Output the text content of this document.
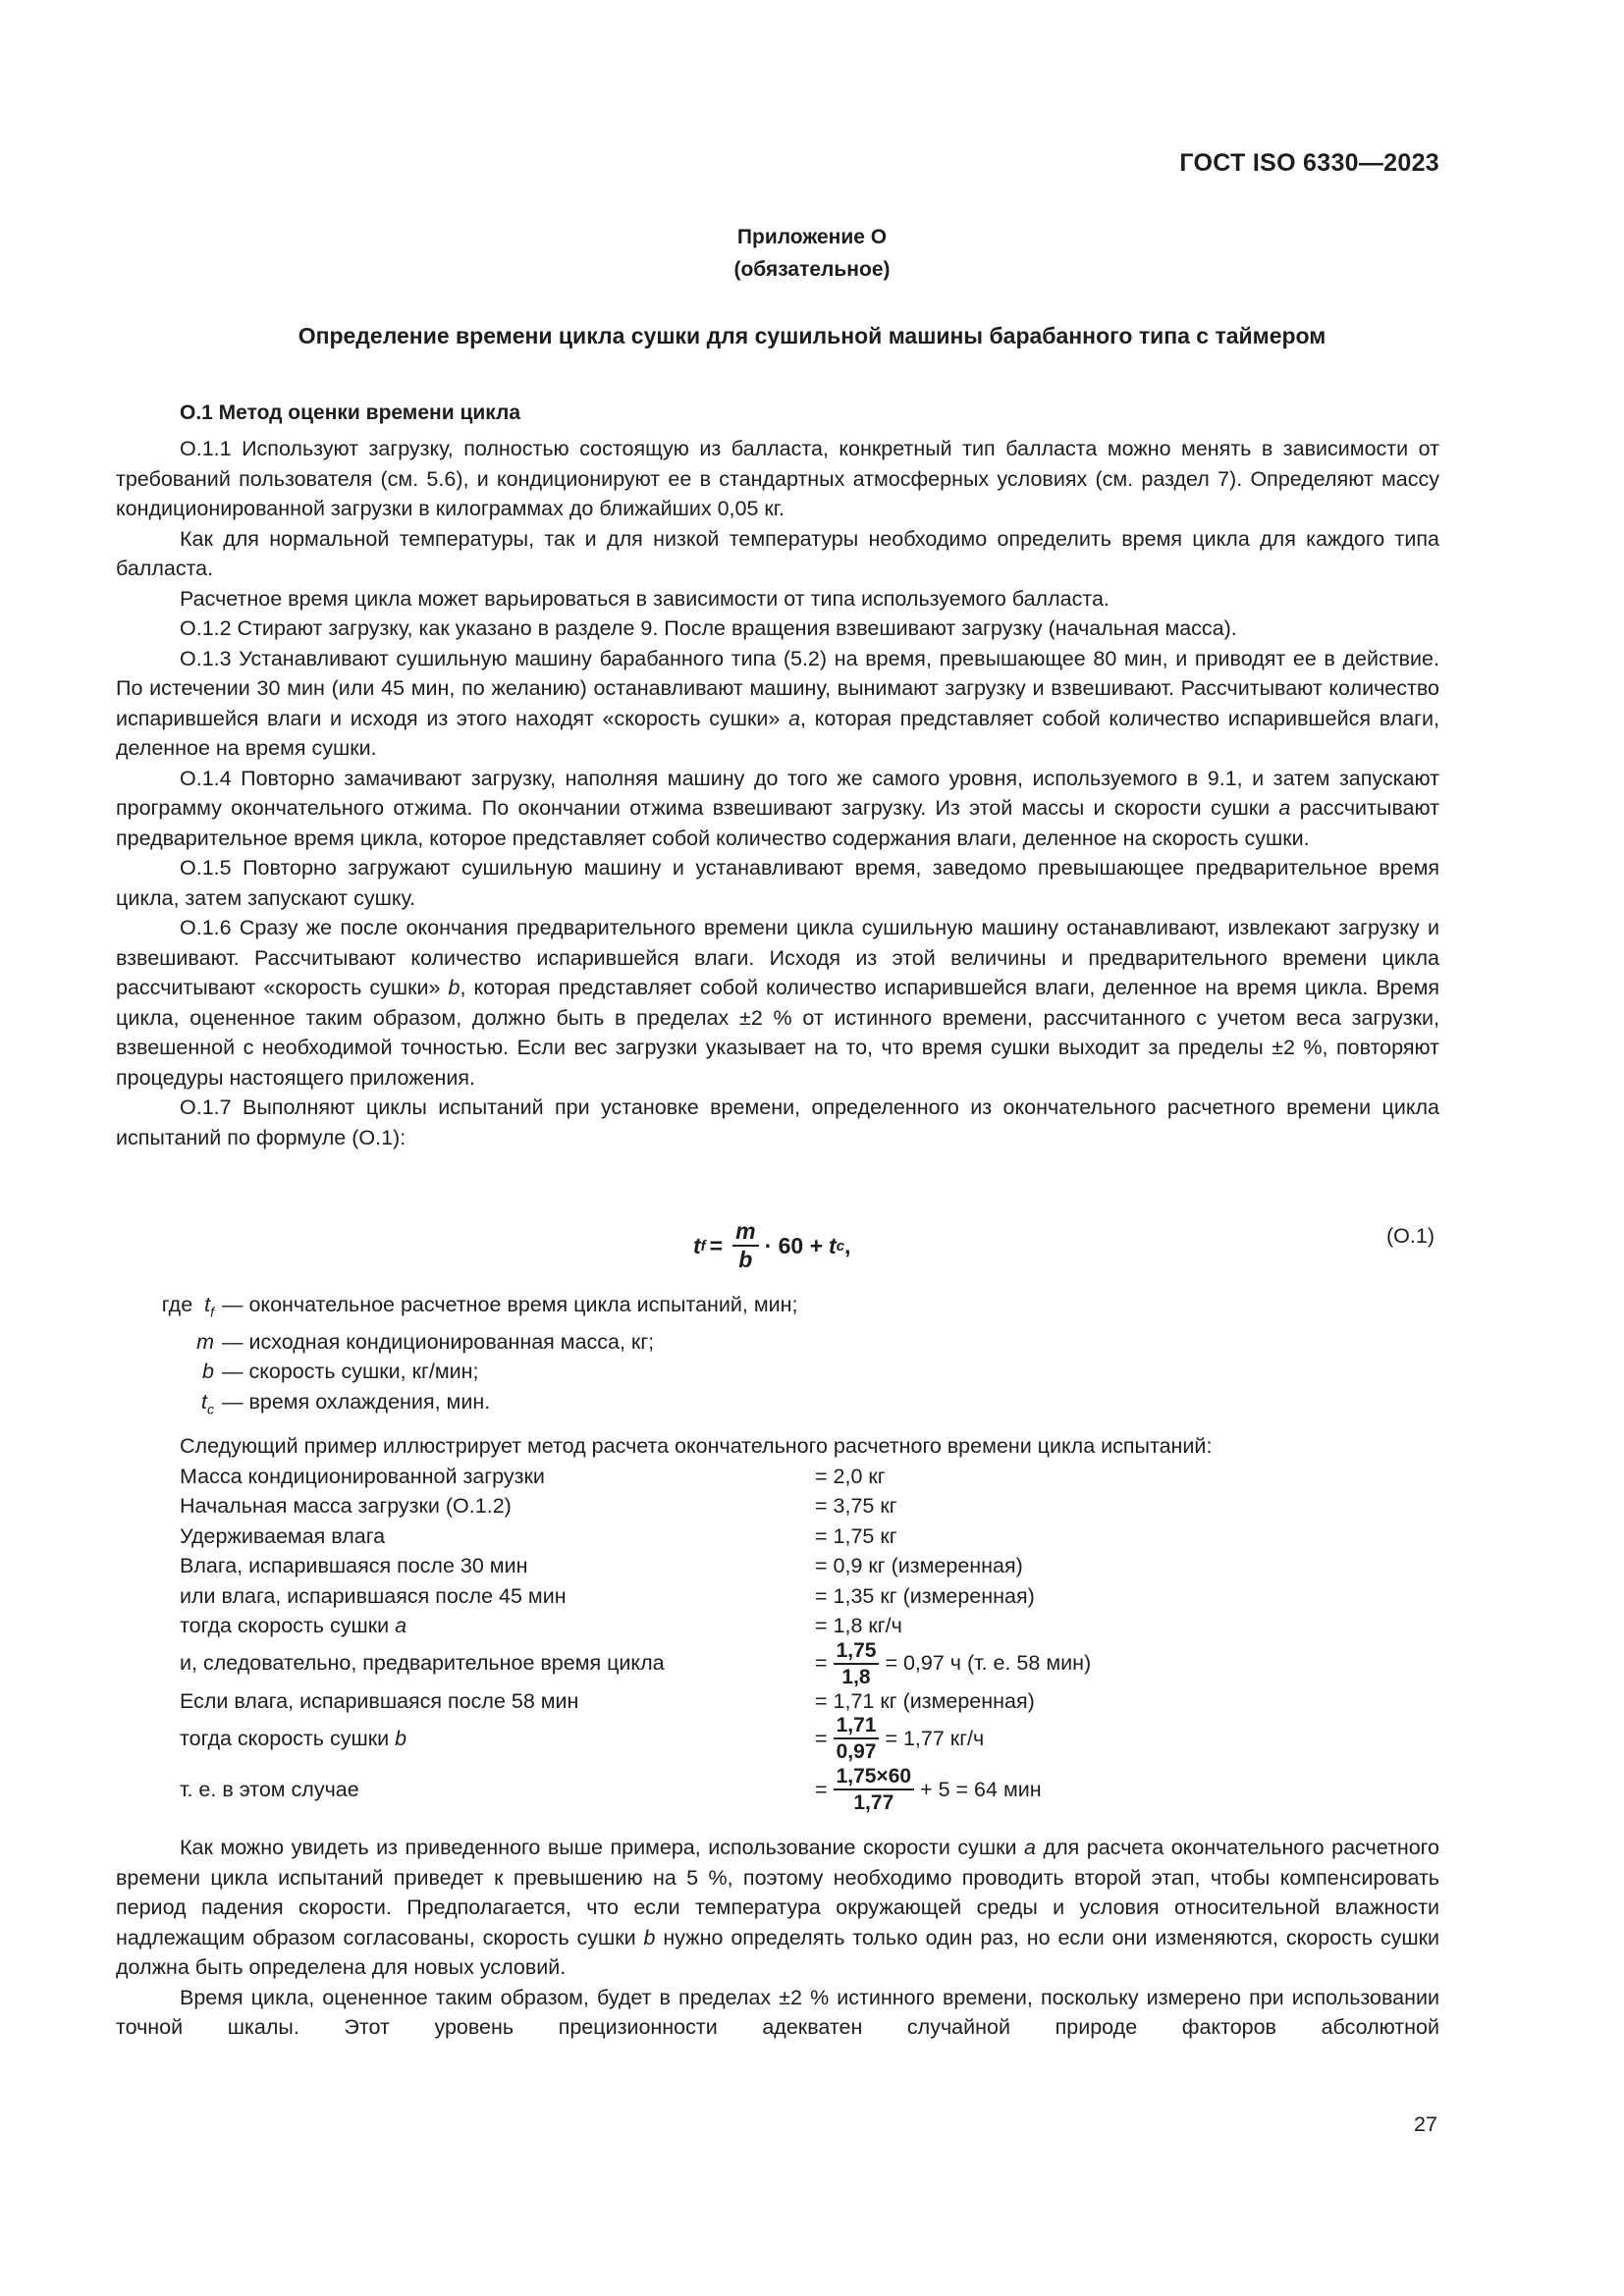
ГОСТ ISO 6330—2023
Приложение О
(обязательное)
Определение времени цикла сушки для сушильной машины барабанного типа с таймером
О.1 Метод оценки времени цикла

О.1.1 Используют загрузку, полностью состоящую из балласта, конкретный тип балласта можно менять в зависимости от требований пользователя (см. 5.6), и кондиционируют ее в стандартных атмосферных условиях (см. раздел 7). Определяют массу кондиционированной загрузки в килограммах до ближайших 0,05 кг.

Как для нормальной температуры, так и для низкой температуры необходимо определить время цикла для каждого типа балласта.

Расчетное время цикла может варьироваться в зависимости от типа используемого балласта.

О.1.2 Стирают загрузку, как указано в разделе 9. После вращения взвешивают загрузку (начальная масса).

О.1.3 Устанавливают сушильную машину барабанного типа (5.2) на время, превышающее 80 мин, и приводят ее в действие. По истечении 30 мин (или 45 мин, по желанию) останавливают машину, вынимают загрузку и взвешивают. Рассчитывают количество испарившейся влаги и исходя из этого находят «скорость сушки» a, которая представляет собой количество испарившейся влаги, деленное на время сушки.

О.1.4 Повторно замачивают загрузку, наполняя машину до того же самого уровня, используемого в 9.1, и затем запускают программу окончательного отжима. По окончании отжима взвешивают загрузку. Из этой массы и скорости сушки a рассчитывают предварительное время цикла, которое представляет собой количество содержания влаги, деленное на скорость сушки.

О.1.5 Повторно загружают сушильную машину и устанавливают время, заведомо превышающее предварительное время цикла, затем запускают сушку.

О.1.6 Сразу же после окончания предварительного времени цикла сушильную машину останавливают, извлекают загрузку и взвешивают. Рассчитывают количество испарившейся влаги. Исходя из этой величины и предварительного времени цикла рассчитывают «скорость сушки» b, которая представляет собой количество испарившейся влаги, деленное на время цикла. Время цикла, оцененное таким образом, должно быть в пределах ±2 % от истинного времени, рассчитанного с учетом веса загрузки, взвешенной с необходимой точностью. Если вес загрузки указывает на то, что время сушки выходит за пределы ±2 %, повторяют процедуры настоящего приложения.

О.1.7 Выполняют циклы испытаний при установке времени, определенного из окончательного расчетного времени цикла испытаний по формуле (О.1):

t $f = \frac{m}{b} \cdot 60 + t$ c ,	(О.1)
где $t_f$ — окончательное расчетное время цикла испытаний, мин;
m — исходная кондиционированная масса, кг;
b — скорость сушки, кг/мин;
$t_c$ — время охлаждения, мин.
Следующий пример иллюстрирует метод расчета окончательного расчетного времени цикла испытаний:
Масса кондиционированной загрузки	= 2,0 кг
Начальная масса загрузки (О.1.2)	= 3,75 кг
Удерживаемая влага	= 1,75 кг
Влага, испарившаяся после 30 мин	= 0,9 кг (измеренная)
или влага, испарившаяся после 45 мин	= 1,35 кг (измеренная)
тогда скорость сушки a	= 1,8 кг/ч
и, следовательно, предварительное время цикла	= $\frac{1,75}{1,8} = 0,97$ ч (т. е. 58 мин)
Если влага, испарившаяся после 58 мин	= 1,71 кг (измеренная)
тогда скорость сушки b	= $\frac{1,71}{0,97} = 1,77$ кг/ч
т. е. в этом случае	= $\frac{1,75\times 60}{1,77} + 5 = 64$ мин

Как можно увидеть из приведенного выше примера, использование скорости сушки a для расчета окончательного расчетного времени цикла испытаний приведет к превышению на 5 %, поэтому необходимо проводить второй этап, чтобы компенсировать период падения скорости. Предполагается, что если температура окружающей среды и условия относительной влажности надлежащим образом согласованы, скорость сушки b нужно определять только один раз, но если они изменяются, скорость сушки должна быть определена для новых условий.

Время цикла, оцененное таким образом, будет в пределах ±2 % истинного времени, поскольку измерено при использовании точной шкалы. Этот уровень прецизионности адекватен случайной природе факторов абсолютной

27
